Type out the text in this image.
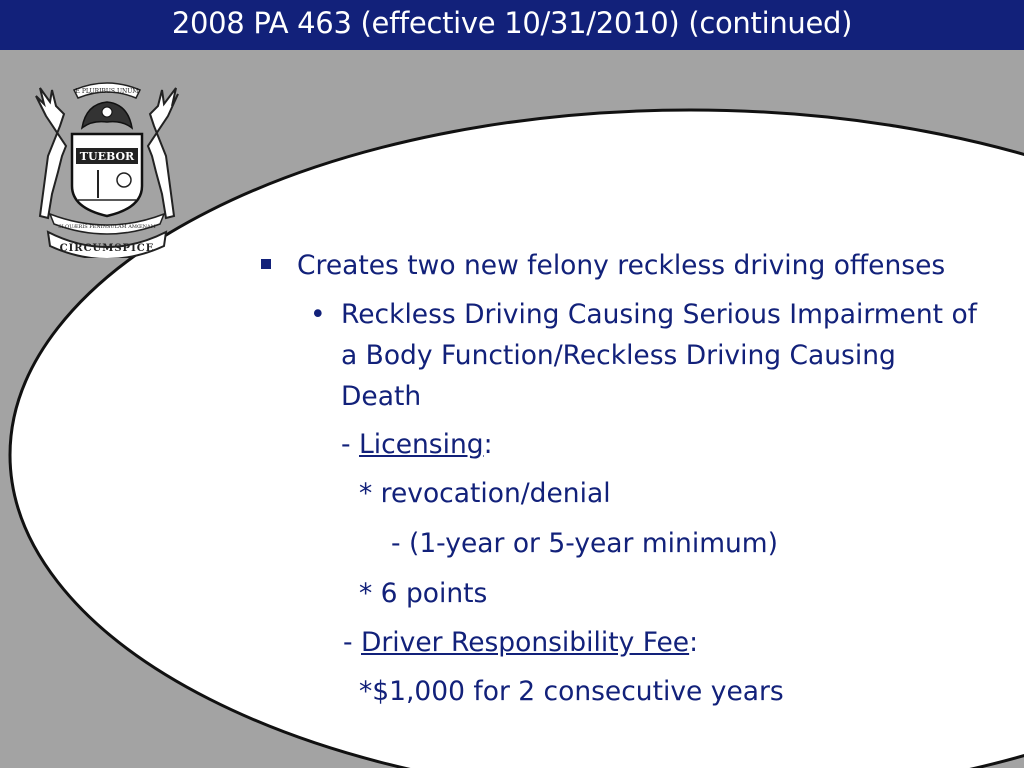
2008 PA 463 (effective 10/31/2010) (continued)
E PLURIBUS UNUM
TUEBOR
SI QUÆRIS PENINSULAM AMŒNAM
CIRCUMSPICE
Creates two new felony reckless driving offenses
• Reckless Driving Causing Serious Impairment of
a Body Function/Reckless Driving Causing
Death
- Licensing:
* revocation/denial
- (1-year or 5-year minimum)
* 6 points
- Driver Responsibility Fee:
*$1,000 for 2 consecutive years
